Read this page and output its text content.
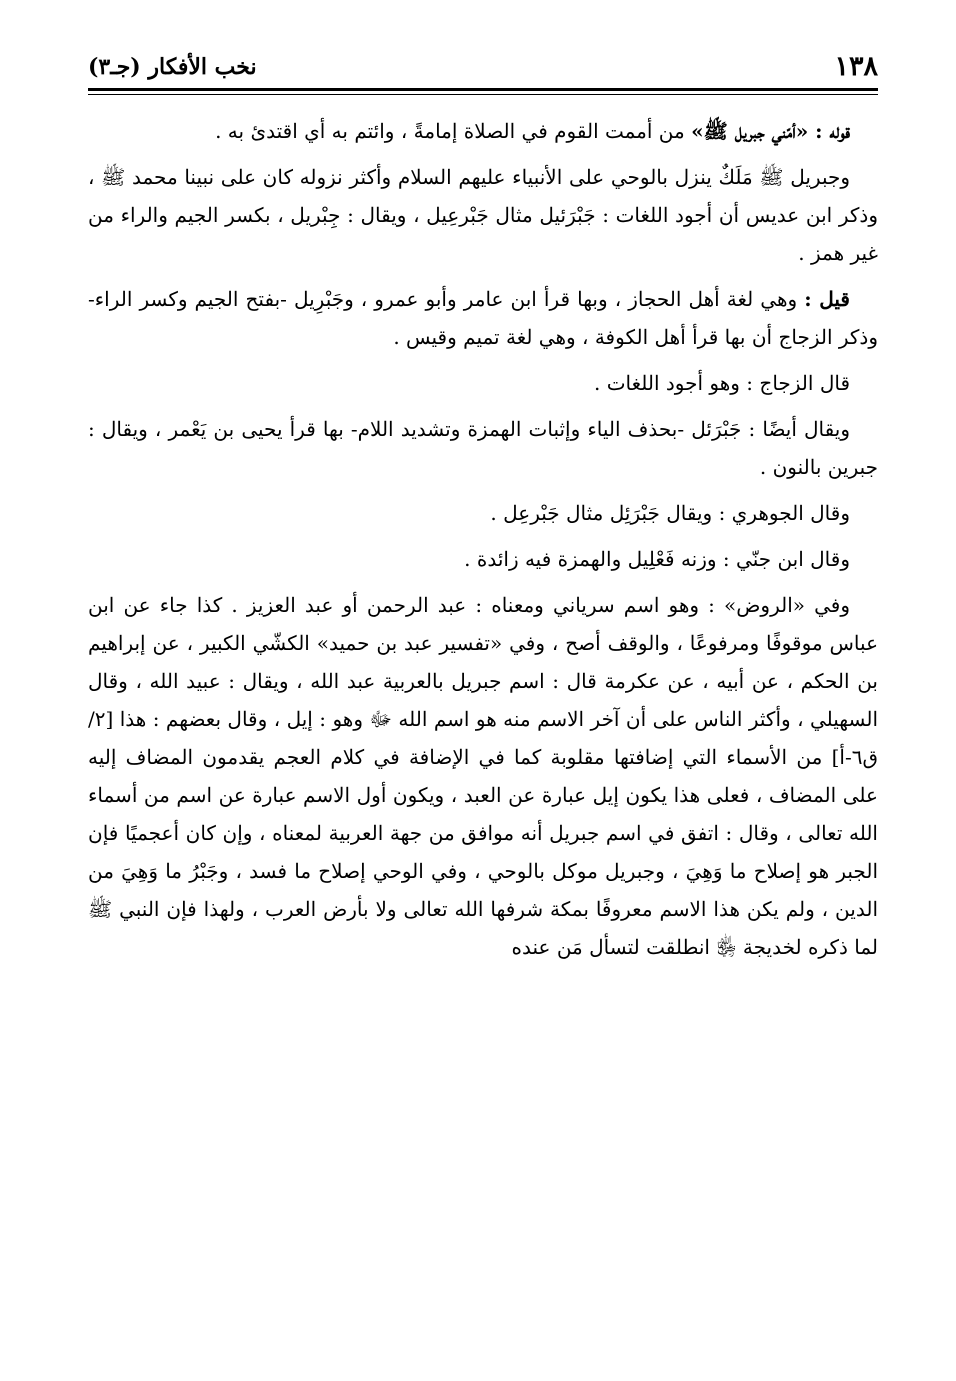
١٣٨
نخب الأفكار (جـ٣)

قوله : «أمّني جبريل ﷺ» من أممت القوم في الصلاة إمامةً ، وائتم به أي اقتدئ به .

وجبريل ﷺ مَلَكٌ ينزل بالوحي على الأنبياء عليهم السلام وأكثر نزوله كان على نبينا محمد ﷺ ، وذكر ابن عديس أن أجود اللغات : جَبْرَئيل مثال جَبْرعِيل ، ويقال : جِبْريل ، بكسر الجيم والراء من غير همز .

قيل : وهي لغة أهل الحجاز ، وبها قرأ ابن عامر وأبو عمرو ، وجَبْرِيل -بفتح الجيم وكسر الراء- وذكر الزجاج أن بها قرأ أهل الكوفة ، وهي لغة تميم وقيس .

قال الزجاج : وهو أجود اللغات .

ويقال أيضًا : جَبْرَئل -بحذف الياء وإثبات الهمزة وتشديد اللام- بها قرأ يحيى بن يَعْمر ، ويقال : جبرين بالنون .

وقال الجوهري : ويقال جَبْرَئِل مثال جَبْرعِل .

وقال ابن جنّي : وزنه فَعْلِيل والهمزة فيه زائدة .

وفي «الروض» : وهو اسم سرياني ومعناه : عبد الرحمن أو عبد العزيز . كذا جاء عن ابن عباس موقوفًا ومرفوعًا ، والوقف أصح ، وفي «تفسير عبد بن حميد» الكشّي الكبير ، عن إبراهيم بن الحكم ، عن أبيه ، عن عكرمة قال : اسم جبريل بالعربية عبد الله ، ويقال : عبيد الله ، وقال السهيلي ، وأكثر الناس على أن آخر الاسم منه هو اسم الله ﷻ وهو : إيل ، وقال بعضهم : هذا [٢/ ق٦-أ] من الأسماء التي إضافتها مقلوبة كما في الإضافة في كلام العجم يقدمون المضاف إليه على المضاف ، فعلى هذا يكون إيل عبارة عن العبد ، ويكون أول الاسم عبارة عن اسم من أسماء الله تعالى ، وقال : اتفق في اسم جبريل أنه موافق من جهة العربية لمعناه ، وإن كان أعجميًا فإن الجبر هو إصلاح ما وَهِيَ ، وجبريل موكل بالوحي ، وفي الوحي إصلاح ما فسد ، وجَبْرُ ما وَهِيَ من الدين ، ولم يكن هذا الاسم معروفًا بمكة شرفها الله تعالى ولا بأرض العرب ، ولهذا فإن النبي ﷺ لما ذكره لخديجة ﵂ انطلقت لتسأل مَن عنده
